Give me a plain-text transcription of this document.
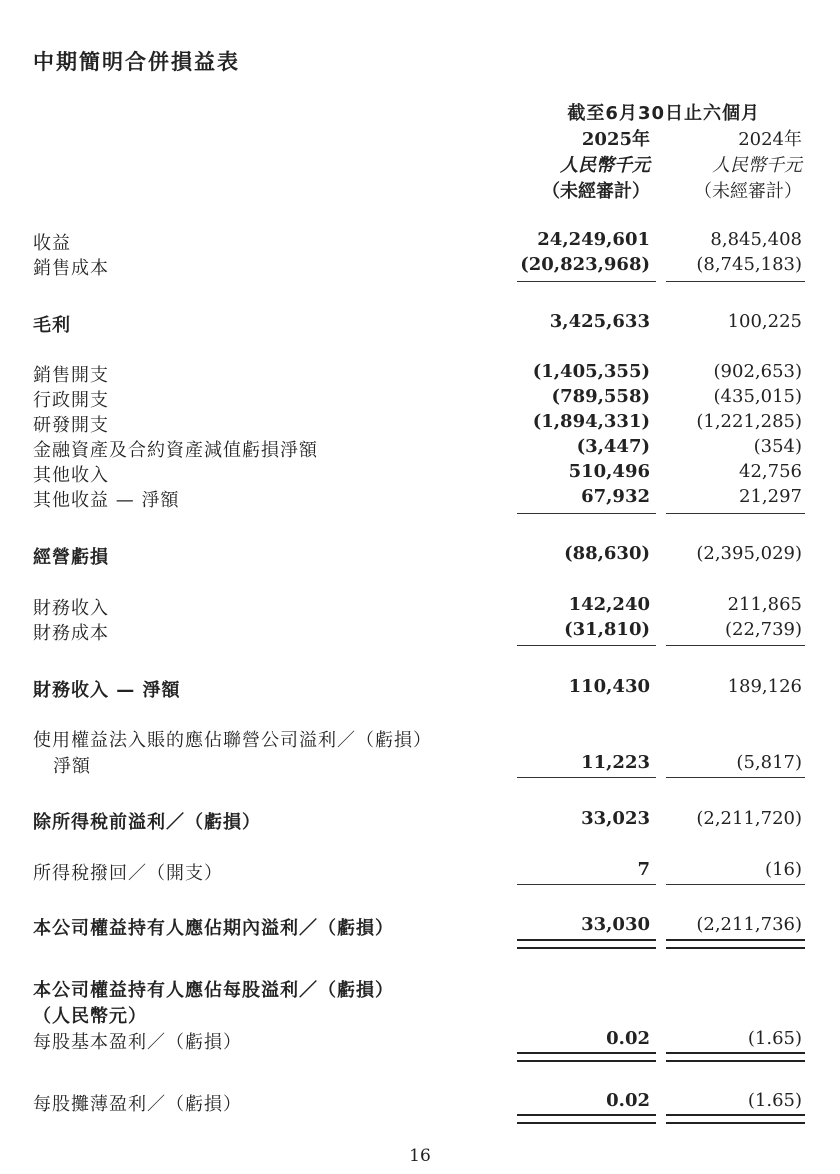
中期簡明合併損益表
截至6月30日止六個月
2025年	2024年
人民幣千元	人民幣千元
（未經審計） （未經審計）
收益	24,249,601	8,845,408
銷售成本	(20,823,968)	(8,745,183)
毛利	3,425,633	100,225
銷售開支	(1,405,355)	(902,653)
行政開支	(789,558)	(435,015)
研發開支	(1,894,331)	(1,221,285)
金融資產及合約資產減值虧損淨額	(3,447)	(354)
其他收入	510,496	42,756
其他收益 — 淨額	67,932	21,297
經營虧損	(88,630)	(2,395,029)
財務收入	142,240	211,865
財務成本	(31,810)	(22,739)
財務收入 — 淨額	110,430	189,126
使用權益法入賬的應佔聯營公司溢利／（虧損）
淨額	11,223	(5,817)
除所得稅前溢利／（虧損）	33,023	(2,211,720)
所得稅撥回／（開支）	7	(16)
本公司權益持有人應佔期內溢利／（虧損）	33,030	(2,211,736)
本公司權益持有人應佔每股溢利／（虧損）
（人民幣元）
每股基本盈利／（虧損）	0.02	(1.65)
每股攤薄盈利／（虧損）	0.02	(1.65)
16
